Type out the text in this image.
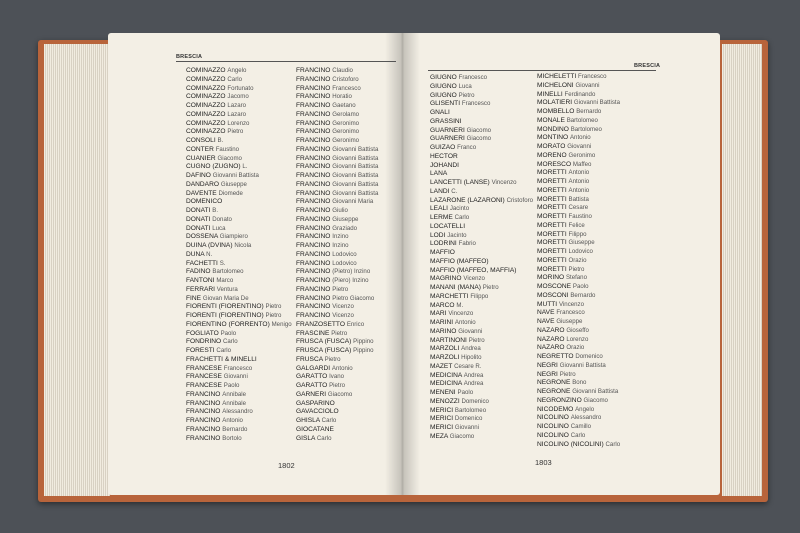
BRESCIA
BRESCIA
COMINAZZO Angelo
COMINAZZO Carlo
COMINAZZO Fortunato
COMINAZZO Jacomo
COMINAZZO Lazaro
COMINAZZO Lazaro
COMINAZZO Lorenzo
COMINAZZO Pietro
CONSOLI B.
CONTER Faustino
CUANIER Giacomo
CUGNO (ZUGNO) L.
DAFINO Giovanni Battista
DANDARO Giuseppe
DAVENTE Diomede
DOMENICO
DONATI B.
DONATI Donato
DONATI Luca
DOSSENA Giampiero
DUINA (DVINA) Nicola
DUNA N.
FACHETTI S.
FADINO Bartolomeo
FANTONI Marco
FERRARI Ventura
FINE Giovan Maria De
FIORENTI (FIORENTINO) Pietro
FIORENTI (FIORENTINO) Pietro
FIORENTINO (FORRENTO) Menigo
FOGLIATO Paolo
FONDRINO Carlo
FORESTI Carlo
FRACHETTI & MINELLI
FRANCESE Francesco
FRANCESE Giovanni
FRANCESE Paolo
FRANCINO Annibale
FRANCINO Annibale
FRANCINO Alessandro
FRANCINO Antonio
FRANCINO Bernardo
FRANCINO Bortolo
FRANCINO Claudio
FRANCINO Cristoforo
FRANCINO Francesco
FRANCINO Horatio
FRANCINO Gaetano
FRANCINO Gerolamo
FRANCINO Geronimo
FRANCINO Geronimo
FRANCINO Geronimo
FRANCINO Giovanni Battista
FRANCINO Giovanni Battista
FRANCINO Giovanni Battista
FRANCINO Giovanni Battista
FRANCINO Giovanni Battista
FRANCINO Giovanni Battista
FRANCINO Giovanni Maria
FRANCINO Giulio
FRANCINO Giuseppe
FRANCINO Graziado
FRANCINO Inzino
FRANCINO Inzino
FRANCINO Lodovico
FRANCINO Lodovico
FRANCINO (Pietro) Inzino
FRANCINO (Piero) Inzino
FRANCINO Pietro
FRANCINO Pietro Giacomo
FRANCINO Vicenzo
FRANCINO Vicenzo
FRANZOSETTO Enrico
FRASCINE Pietro
FRUSCA (FUSCA) Pippino
FRUSCA (FUSCA) Pippino
FRUSCA Pietro
GALGARDI Antonio
GARATTO Ivano
GARATTO Pietro
GARNERI Giacomo
GASPARINO
GAVACCIOLO
GHISLA Carlo
GIOCATANE
GISLA Carlo
GIUGNO Francesco
GIUGNO Luca
GIUGNO Pietro
GLISENTI Francesco
GNALI
GRASSINI
GUARNERI Giacomo
GUARNERI Giacomo
GUIZAO Franco
HECTOR
JOHANDI
LANA
LANCETTI (LANSE) Vincenzo
LANDI C.
LAZARONE (LAZARONI) Cristoforo
LEALI Jacinto
LERME Carlo
LOCATELLI
LODI Jacinto
LODRINI Fabrio
MAFFIO
MAFFIO (MAFFEO)
MAFFIO (MAFFEO, MAFFIA)
MAGRINO Vicenzo
MANANI (MANA) Pietro
MARCHETTI Filippo
MARCO M.
MARI Vincenzo
MARINI Antonio
MARINO Giovanni
MARTINONI Pietro
MARZOLI Andrea
MARZOLI Hipolito
MAZET Cesare R.
MEDICINA Andrea
MEDICINA Andrea
MENENI Paolo
MENOZZI Domenico
MERICI Bartolomeo
MERICI Domenico
MERICI Giovanni
MEZA Giacomo
MICHELETTI Francesco
MICHELONI Giovanni
MINELLI Ferdinando
MOLATIERI Giovanni Battista
MOMBELLO Bernardo
MONALE Bartolomeo
MONDINO Bartolomeo
MONTINO Antonio
MORATO Giovanni
MORENO Geronimo
MORESCO Maffeo
MORETTI Antonio
MORETTI Antonio
MORETTI Antonio
MORETTI Battista
MORETTI Cesare
MORETTI Faustino
MORETTI Felice
MORETTI Filippo
MORETTI Giuseppe
MORETTI Lodovico
MORETTI Orazio
MORETTI Pietro
MORINO Stefano
MOSCONE Paolo
MOSCONI Bernardo
MUTTI Vincenzo
NAVE Francesco
NAVE Giuseppe
NAZARO Gioseffo
NAZARO Lorenzo
NAZARO Orazio
NEGRETTO Domenico
NEGRI Giovanni Battista
NEGRI Pietro
NEGRONE Bono
NEGRONE Giovanni Battista
NEGRONZINO Giacomo
NICODEMO Angelo
NICOLINO Alessandro
NICOLINO Camillo
NICOLINO Carlo
NICOLINO (NICOLINI) Carlo
1802	1803
